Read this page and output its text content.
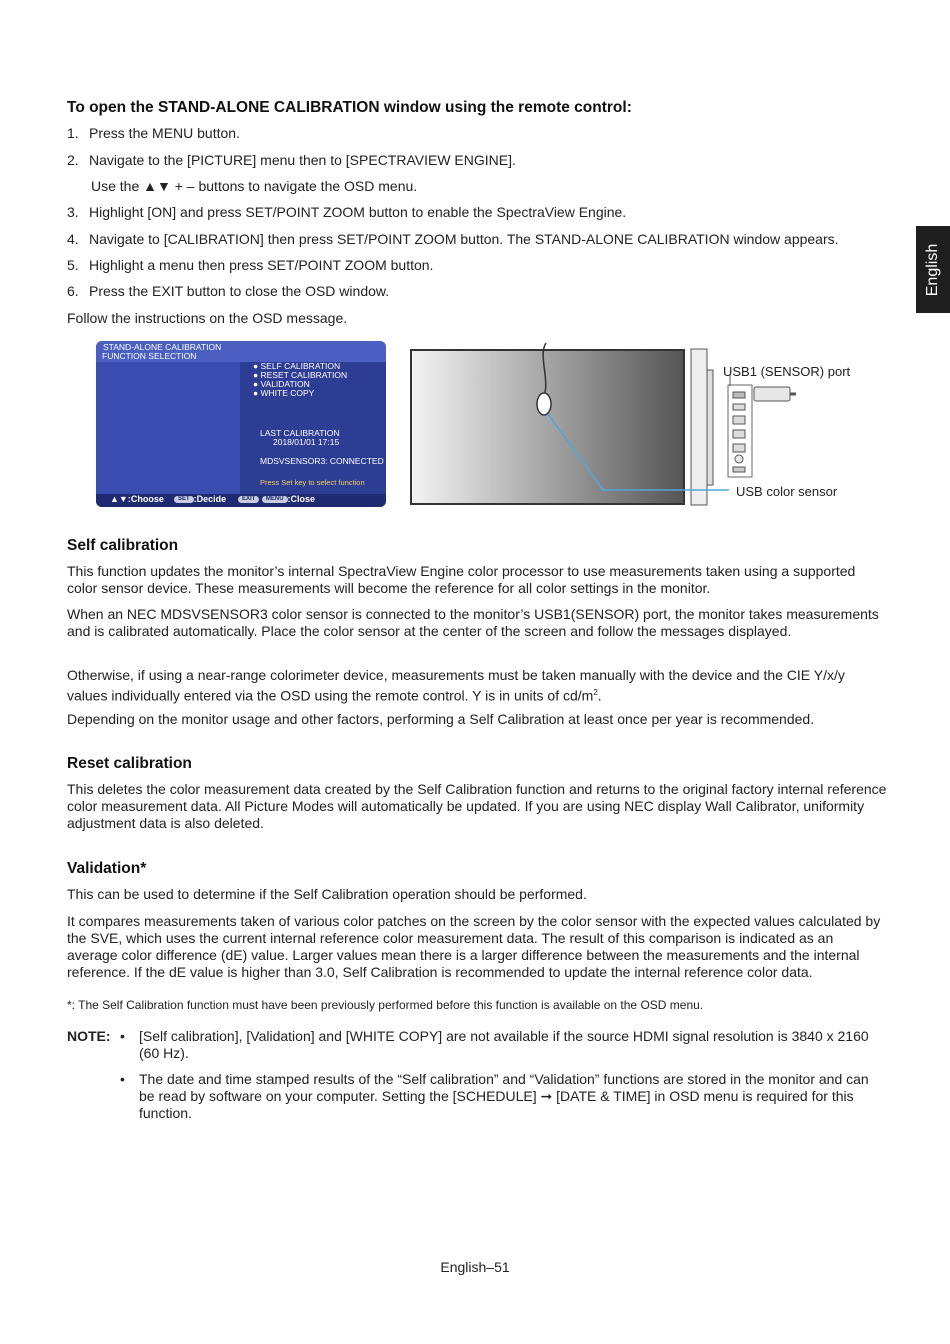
English
To open the STAND-ALONE CALIBRATION window using the remote control:
1. Press the MENU button.
2. Navigate to the [PICTURE] menu then to [SPECTRAVIEW ENGINE].
Use the ▲▼ + – buttons to navigate the OSD menu.
3. Highlight [ON] and press SET/POINT ZOOM button to enable the SpectraView Engine.
4. Navigate to [CALIBRATION] then press SET/POINT ZOOM button. The STAND-ALONE CALIBRATION window appears.
5. Highlight a menu then press SET/POINT ZOOM button.
6. Press the EXIT button to close the OSD window.
Follow the instructions on the OSD message.
Self calibration
This function updates the monitor’s internal SpectraView Engine color processor to use measurements taken using a supported color sensor device. These measurements will become the reference for all color settings in the monitor.
When an NEC MDSVSENSOR3 color sensor is connected to the monitor’s USB1(SENSOR) port, the monitor takes measurements and is calibrated automatically. Place the color sensor at the center of the screen and follow the messages displayed.
Otherwise, if using a near-range colorimeter device, measurements must be taken manually with the device and the CIE Y/x/y values individually entered via the OSD using the remote control. Y is in units of $cd/m^2$.
Depending on the monitor usage and other factors, performing a Self Calibration at least once per year is recommended.
Reset calibration
This deletes the color measurement data created by the Self Calibration function and returns to the original factory internal reference color measurement data. All Picture Modes will automatically be updated. If you are using NEC display Wall Calibrator, uniformity adjustment data is also deleted.
Validation*
This can be used to determine if the Self Calibration operation should be performed.
It compares measurements taken of various color patches on the screen by the color sensor with the expected values calculated by the SVE, which uses the current internal reference color measurement data. The result of this comparison is indicated as an average color difference (dE) value. Larger values mean there is a larger difference between the measurements and the internal reference. If the dE value is higher than 3.0, Self Calibration is recommended to update the internal reference color data.
*: The Self Calibration function must have been previously performed before this function is available on the OSD menu.
NOTE: • [Self calibration], [Validation] and [WHITE COPY] are not available if the source HDMI signal resolution is 3840 x 2160 (60 Hz).
• The date and time stamped results of the “Self calibration” and “Validation” functions are stored in the monitor and can be read by software on your computer. Setting the [SCHEDULE] ➞ [DATE & TIME] in OSD menu is required for this function.
STAND-ALONE CALIBRATION
FUNCTION SELECTION
● SELF CALIBRATION
● RESET CALIBRATION
● VALIDATION
● WHITE COPY
LAST CALIBRATION
2018/01/01 17:15
MDSVSENSOR3: CONNECTED
Press Set key to select function
▲▼:Choose	SET :Decide	EXIT MENU :Close
USB1 (SENSOR) port
USB color sensor
English–51
